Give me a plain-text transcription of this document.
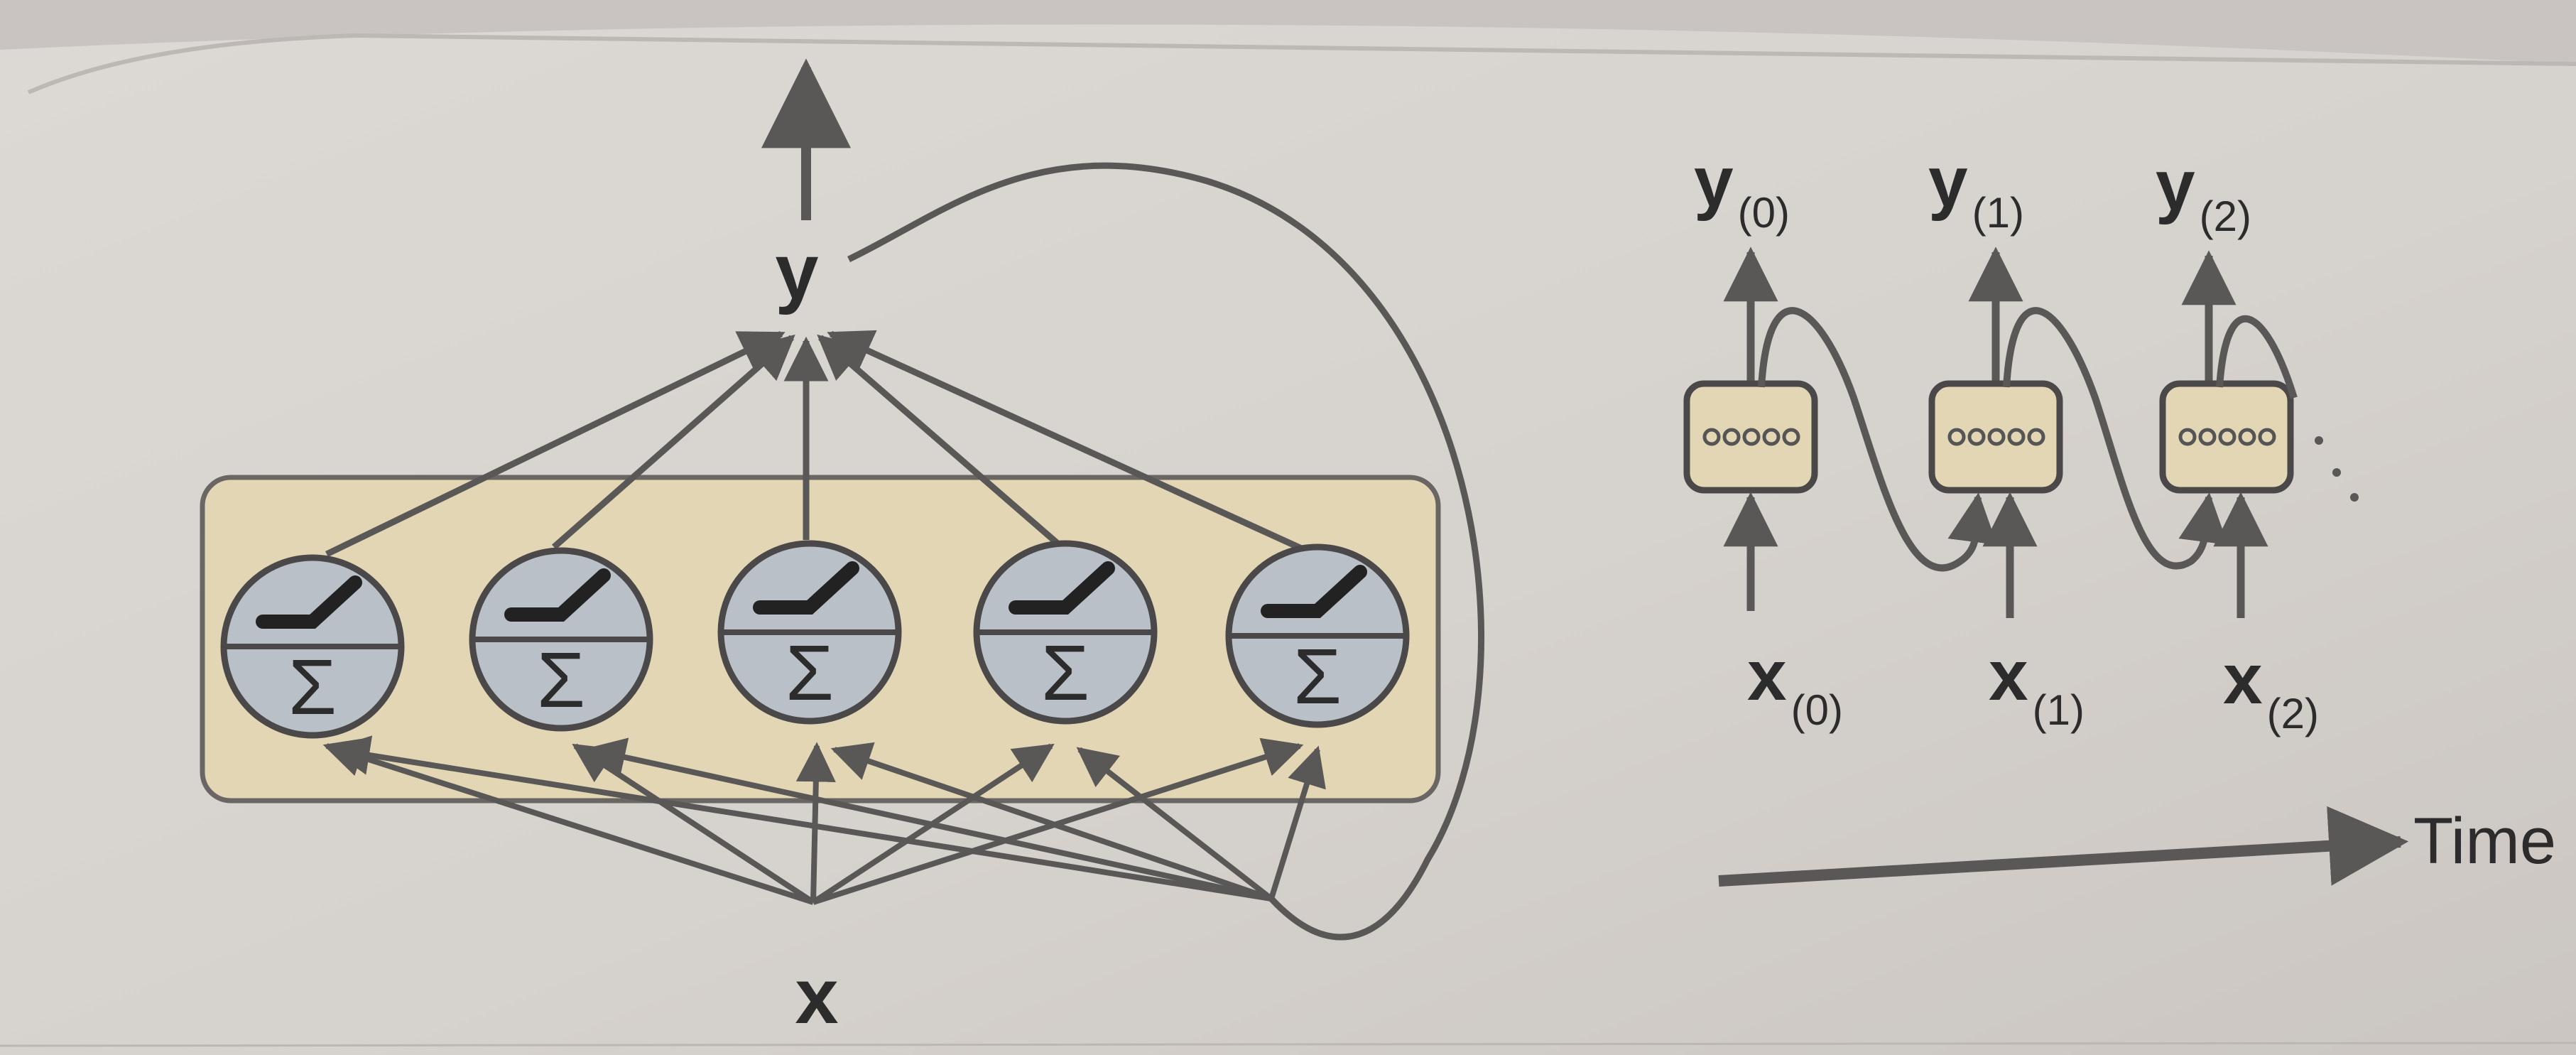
y
Σ	Σ	Σ	Σ	Σ
x
y $_{(0)}$
x $_{(0)}$
y $_{(1)}$
x $_{(1)}$
y $_{(2)}$
x $_{(2)}$
Time
